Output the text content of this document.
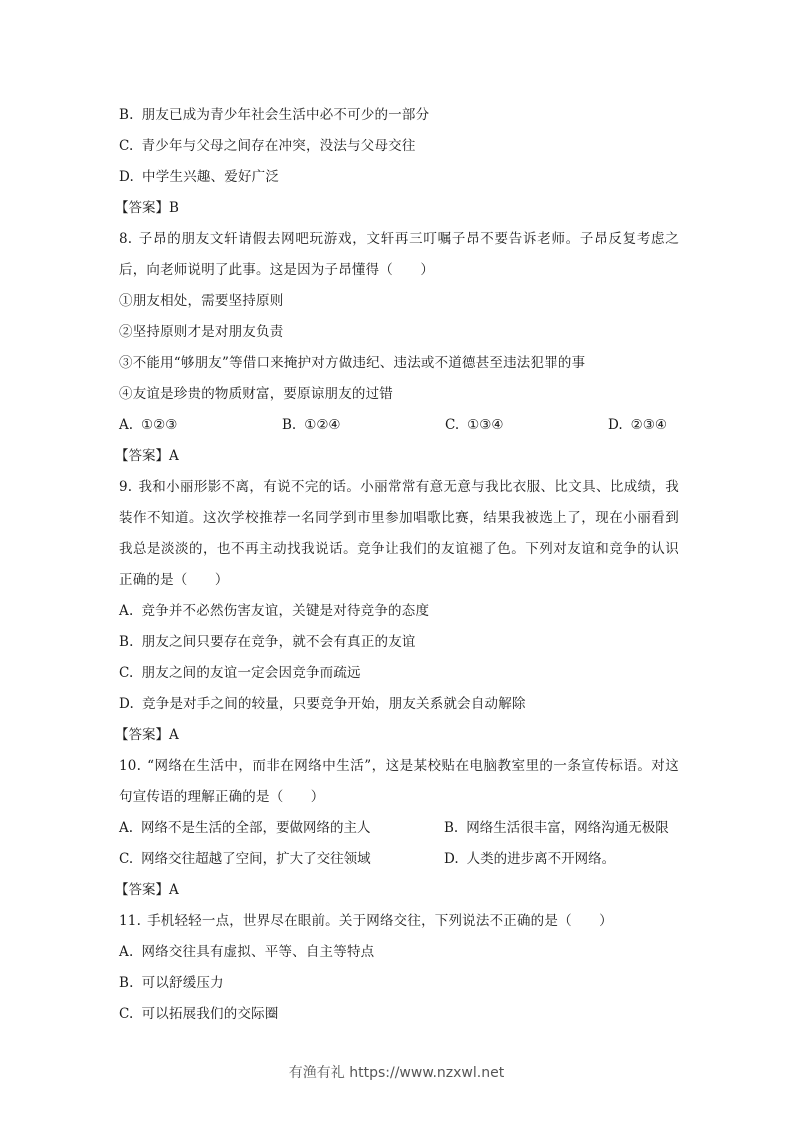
B. 朋友已成为青少年社会生活中必不可少的一部分
C. 青少年与父母之间存在冲突，没法与父母交往
D. 中学生兴趣、爱好广泛
【答案】B
8. 子昂的朋友文轩请假去网吧玩游戏，文轩再三叮嘱子昂不要告诉老师。子昂反复考虑之后，向老师说明了此事。这是因为子昂懂得（　　）
①朋友相处，需要坚持原则
②坚持原则才是对朋友负责
③不能用“够朋友”等借口来掩护对方做违纪、违法或不道德甚至违法犯罪的事
④友谊是珍贵的物质财富，要原谅朋友的过错
A. ①②③	B. ①②④	C. ①③④	D. ②③④
【答案】A
9. 我和小丽形影不离，有说不完的话。小丽常常有意无意与我比衣服、比文具、比成绩，我装作不知道。这次学校推荐一名同学到市里参加唱歌比赛，结果我被选上了，现在小丽看到我总是淡淡的，也不再主动找我说话。竞争让我们的友谊褪了色。下列对友谊和竞争的认识正确的是（　　）
A. 竞争并不必然伤害友谊，关键是对待竞争的态度
B. 朋友之间只要存在竞争，就不会有真正的友谊
C. 朋友之间的友谊一定会因竞争而疏远
D. 竞争是对手之间的较量，只要竞争开始，朋友关系就会自动解除
【答案】A
10. “网络在生活中，而非在网络中生活”，这是某校贴在电脑教室里的一条宣传标语。对这句宣传语的理解正确的是（　　）
A. 网络不是生活的全部，要做网络的主人	B. 网络生活很丰富，网络沟通无极限
C. 网络交往超越了空间，扩大了交往领域	D. 人类的进步离不开网络。
【答案】A
11. 手机轻轻一点，世界尽在眼前。关于网络交往，下列说法不正确的是（　　）
A. 网络交往具有虚拟、平等、自主等特点
B. 可以舒缓压力
C. 可以拓展我们的交际圈
有渔有礼 https://www.nzxwl.net
